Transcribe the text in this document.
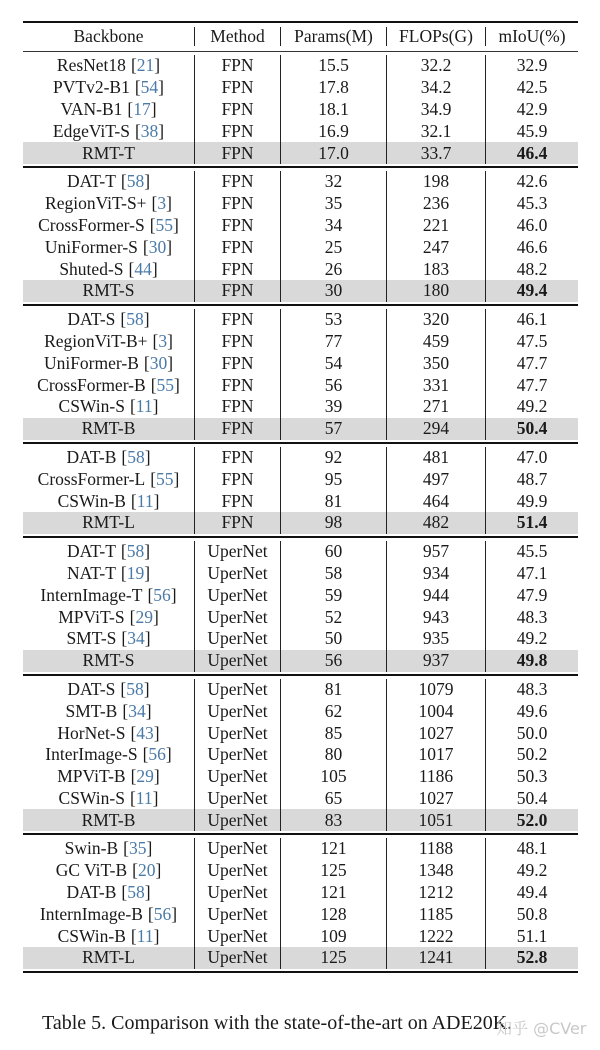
Backbone	Method	Params(M)	FLOPs(G)	mIoU(%)
ResNet18 [21]	FPN	15.5	32.2	32.9
PVTv2-B1 [54]	FPN	17.8	34.2	42.5
VAN-B1 [17]	FPN	18.1	34.9	42.9
EdgeViT-S [38]	FPN	16.9	32.1	45.9
RMT-T	FPN	17.0	33.7	46.4
DAT-T [58]	FPN	32	198	42.6
RegionViT-S+ [3]	FPN	35	236	45.3
CrossFormer-S [55]	FPN	34	221	46.0
UniFormer-S [30]	FPN	25	247	46.6
Shuted-S [44]	FPN	26	183	48.2
RMT-S	FPN	30	180	49.4
DAT-S [58]	FPN	53	320	46.1
RegionViT-B+ [3]	FPN	77	459	47.5
UniFormer-B [30]	FPN	54	350	47.7
CrossFormer-B [55]	FPN	56	331	47.7
CSWin-S [11]	FPN	39	271	49.2
RMT-B	FPN	57	294	50.4
DAT-B [58]	FPN	92	481	47.0
CrossFormer-L [55]	FPN	95	497	48.7
CSWin-B [11]	FPN	81	464	49.9
RMT-L	FPN	98	482	51.4
DAT-T [58]	UperNet	60	957	45.5
NAT-T [19]	UperNet	58	934	47.1
InternImage-T [56]	UperNet	59	944	47.9
MPViT-S [29]	UperNet	52	943	48.3
SMT-S [34]	UperNet	50	935	49.2
RMT-S	UperNet	56	937	49.8
DAT-S [58]	UperNet	81	1079	48.3
SMT-B [34]	UperNet	62	1004	49.6
HorNet-S [43]	UperNet	85	1027	50.0
InterImage-S [56]	UperNet	80	1017	50.2
MPViT-B [29]	UperNet	105	1186	50.3
CSWin-S [11]	UperNet	65	1027	50.4
RMT-B	UperNet	83	1051	52.0
Swin-B [35]	UperNet	121	1188	48.1
GC ViT-B [20]	UperNet	125	1348	49.2
DAT-B [58]	UperNet	121	1212	49.4
InternImage-B [56]	UperNet	128	1185	50.8
CSWin-B [11]	UperNet	109	1222	51.1
RMT-L	UperNet	125	1241	52.8
Table 5. Comparison with the state-of-the-art on ADE20K.
知乎 @CVer
